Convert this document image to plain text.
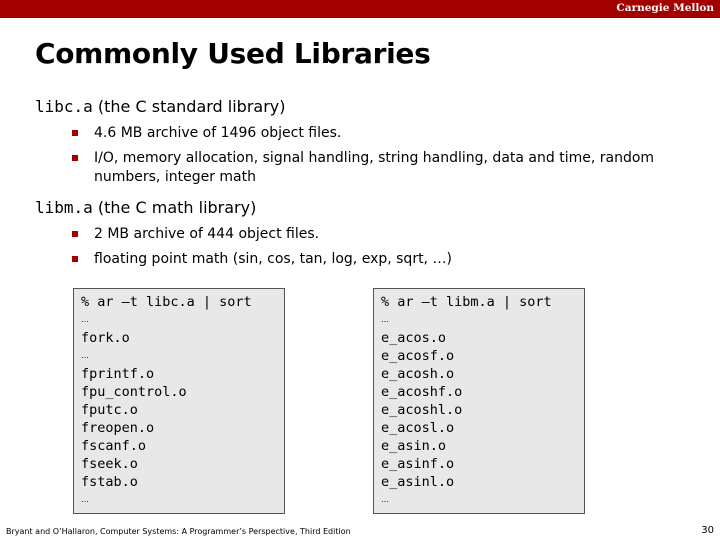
Carnegie Mellon
Commonly Used Libraries
libc.a (the C standard library)
4.6 MB archive of 1496 object files.
I/O, memory allocation, signal handling, string handling, data and time, random numbers, integer math
libm.a (the C math library)
2 MB archive of 444 object files.
floating point math (sin, cos, tan, log, exp, sqrt, …)
% ar –t libc.a | sort
…
fork.o
…
fprintf.o
fpu_control.o
fputc.o
freopen.o
fscanf.o
fseek.o
fstab.o
…
% ar –t libm.a | sort
…
e_acos.o
e_acosf.o
e_acosh.o
e_acoshf.o
e_acoshl.o
e_acosl.o
e_asin.o
e_asinf.o
e_asinl.o
…
Bryant and O’Hallaron, Computer Systems: A Programmer’s Perspective, Third Edition	30
